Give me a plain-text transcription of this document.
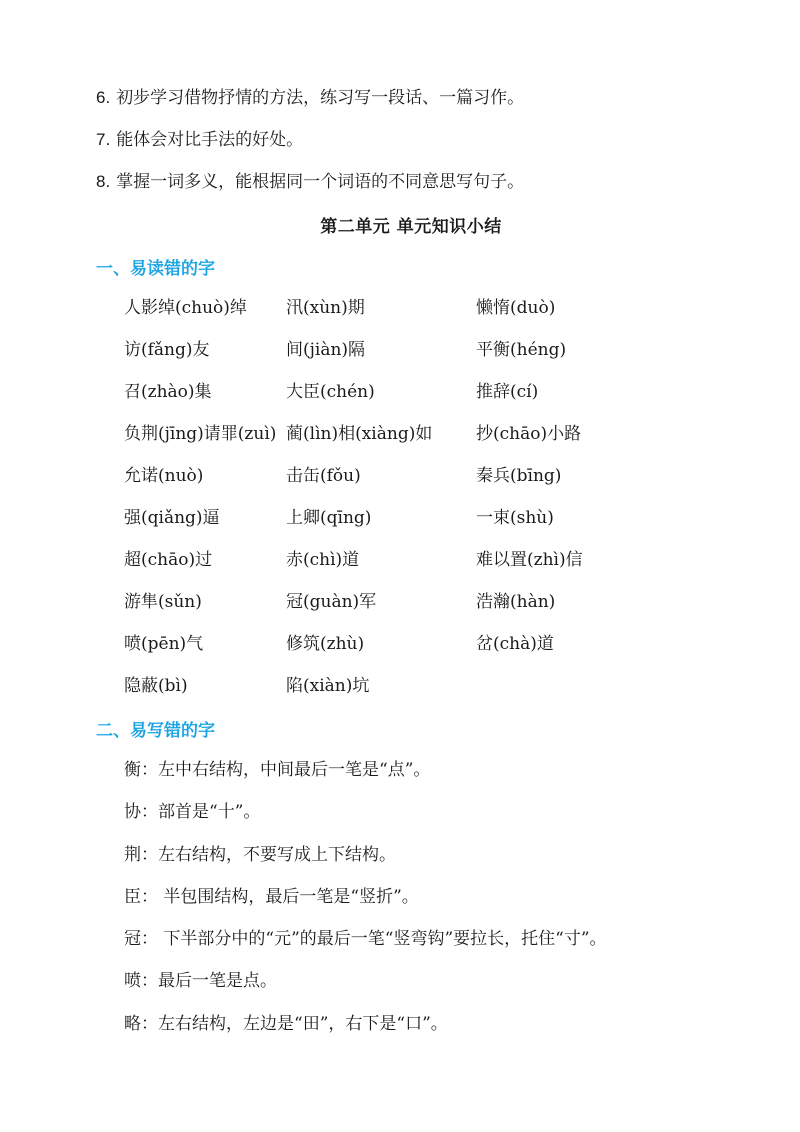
6. 初步学习借物抒情的方法，练习写一段话、一篇习作。
7. 能体会对比手法的好处。
8. 掌握一词多义，能根据同一个词语的不同意思写句子。
第二单元 单元知识小结
一、易读错的字
人影绰(chuò)绰 汛(xùn)期	懒惰(duò)
访(fǎng)友	间(jiàn)隔	平衡(héng)
召(zhào)集	大臣(chén)	推辞(cí)
负荆(jīng)请罪(zuì) 蔺(lìn)相(xiàng)如	抄(chāo)小路
允诺(nuò)	击缶(fǒu)	秦兵(bīng)
强(qiǎng)逼	上卿(qīng)	一束(shù)
超(chāo)过	赤(chì)道	难以置(zhì)信
游隼(sǔn)	冠(guàn)军	浩瀚(hàn)
喷(pēn)气	修筑(zhù)	岔(chà)道
隐蔽(bì)	陷(xiàn)坑
二、易写错的字
衡：左中右结构，中间最后一笔是“点”。
协：部首是“十”。
荆：左右结构，不要写成上下结构。
臣： 半包围结构，最后一笔是“竖折”。
冠： 下半部分中的“元”的最后一笔“竖弯钩”要拉长，托住“寸”。
喷：最后一笔是点。
略：左右结构，左边是“田”，右下是“口”。
